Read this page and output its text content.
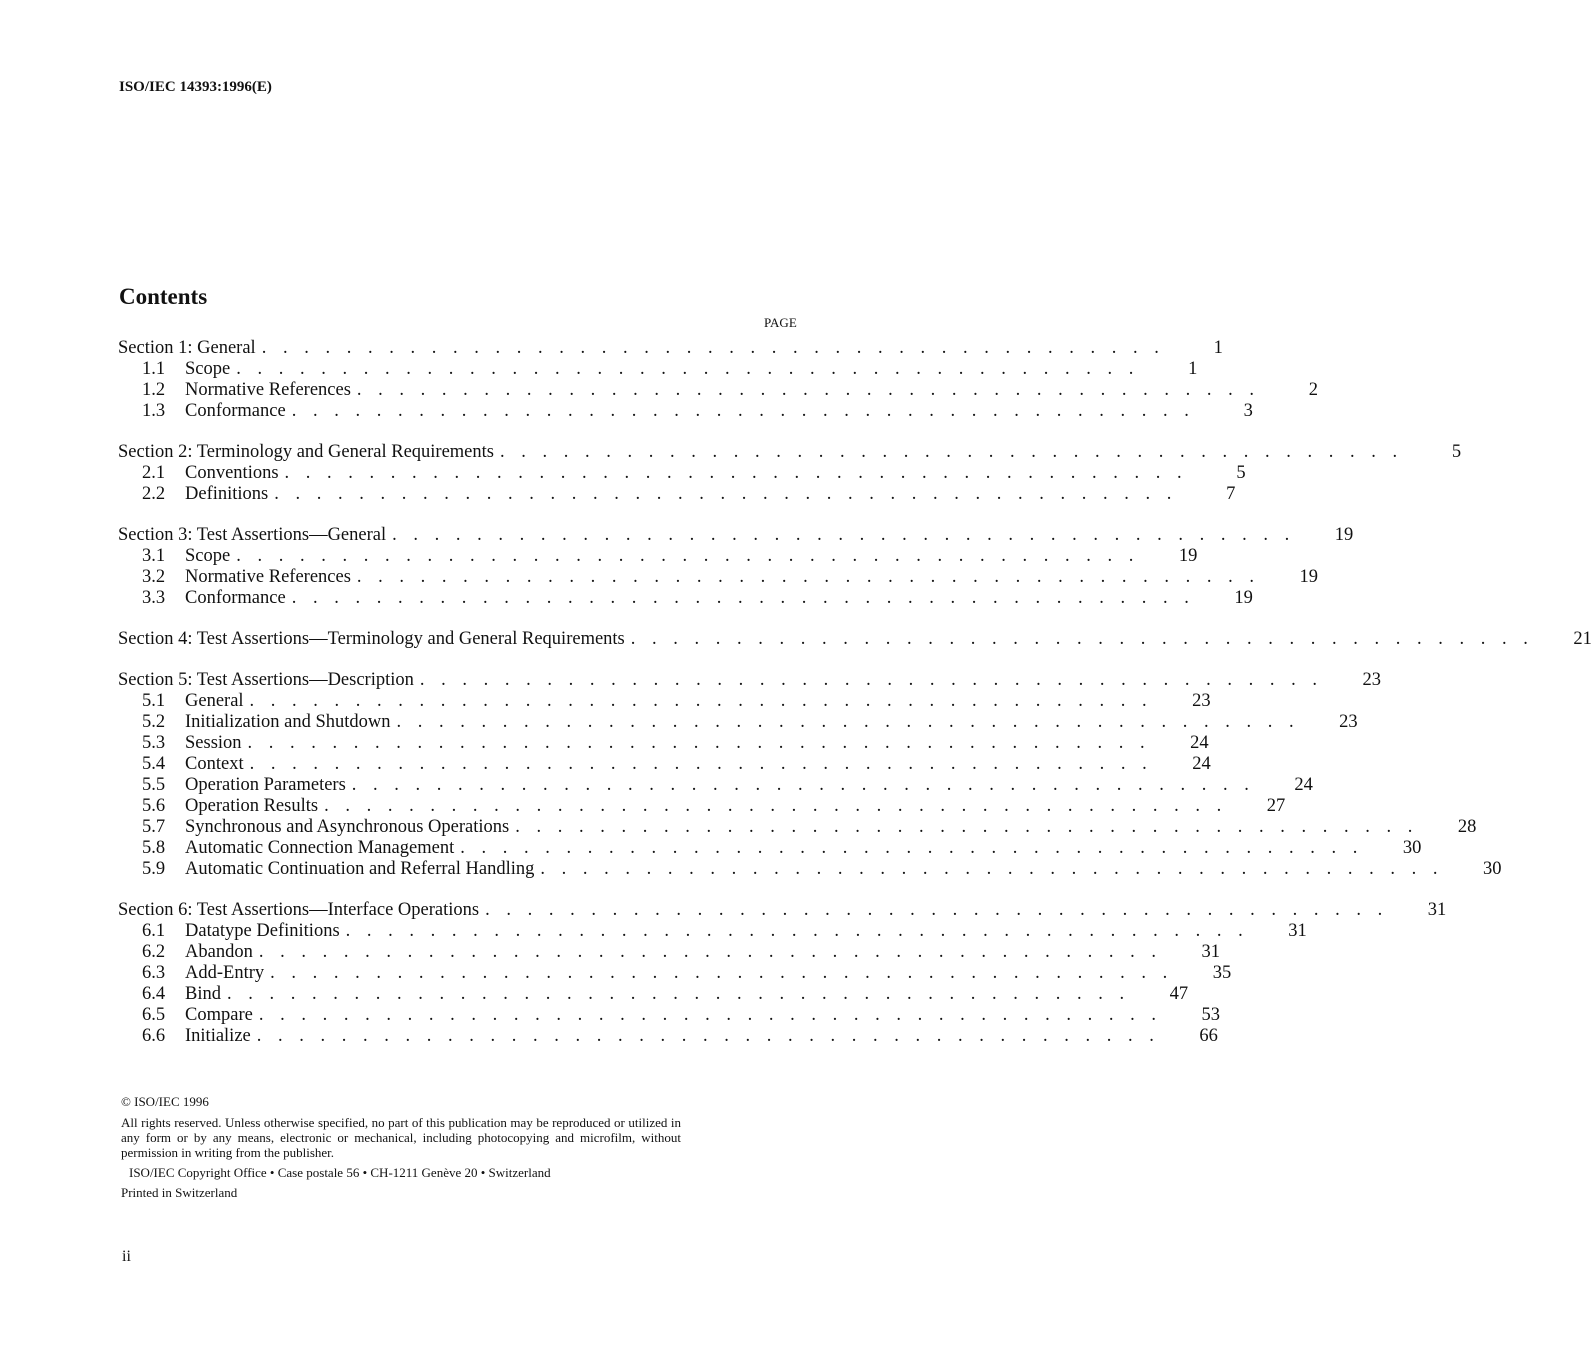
ISO/IEC 14393:1996(E)
Contents
PAGE
Section 1: General . . . . . . . . . . . . . . . . . . . . . . . . . . . . . . . . . . . . . . . . . . .	1
1.1	Scope . . . . . . . . . . . . . . . . . . . . . . . . . . . . . . . . . . . . . . . . . . .	1
1.2	Normative References . . . . . . . . . . . . . . . . . . . . . . . . . . . . . . . . . . . . . . . . . . .	2
1.3	Conformance . . . . . . . . . . . . . . . . . . . . . . . . . . . . . . . . . . . . . . . . . . .	3
Section 2: Terminology and General Requirements . . . . . . . . . . . . . . . . . . . . . . . . . . . . . . . . . . . . . . . . . . .	5
2.1	Conventions . . . . . . . . . . . . . . . . . . . . . . . . . . . . . . . . . . . . . . . . . . .	5
2.2	Definitions . . . . . . . . . . . . . . . . . . . . . . . . . . . . . . . . . . . . . . . . . . .	7
Section 3: Test Assertions—General . . . . . . . . . . . . . . . . . . . . . . . . . . . . . . . . . . . . . . . . . . .	19
3.1	Scope . . . . . . . . . . . . . . . . . . . . . . . . . . . . . . . . . . . . . . . . . . .	19
3.2	Normative References . . . . . . . . . . . . . . . . . . . . . . . . . . . . . . . . . . . . . . . . . . .	19
3.3	Conformance . . . . . . . . . . . . . . . . . . . . . . . . . . . . . . . . . . . . . . . . . . .	19
Section 4: Test Assertions—Terminology and General Requirements . . . . . . . . . . . . . . . . . . . . . . . . . . . . . . . . . . . . . . . . . . .	21
Section 5: Test Assertions—Description . . . . . . . . . . . . . . . . . . . . . . . . . . . . . . . . . . . . . . . . . . .	23
5.1	General . . . . . . . . . . . . . . . . . . . . . . . . . . . . . . . . . . . . . . . . . . .	23
5.2	Initialization and Shutdown . . . . . . . . . . . . . . . . . . . . . . . . . . . . . . . . . . . . . . . . . . .	23
5.3	Session . . . . . . . . . . . . . . . . . . . . . . . . . . . . . . . . . . . . . . . . . . .	24
5.4	Context . . . . . . . . . . . . . . . . . . . . . . . . . . . . . . . . . . . . . . . . . . .	24
5.5	Operation Parameters . . . . . . . . . . . . . . . . . . . . . . . . . . . . . . . . . . . . . . . . . . .	24
5.6	Operation Results . . . . . . . . . . . . . . . . . . . . . . . . . . . . . . . . . . . . . . . . . . .	27
5.7	Synchronous and Asynchronous Operations . . . . . . . . . . . . . . . . . . . . . . . . . . . . . . . . . . . . . . . . . . .	28
5.8	Automatic Connection Management . . . . . . . . . . . . . . . . . . . . . . . . . . . . . . . . . . . . . . . . . . .	30
5.9	Automatic Continuation and Referral Handling . . . . . . . . . . . . . . . . . . . . . . . . . . . . . . . . . . . . . . . . . . .	30
Section 6: Test Assertions—Interface Operations . . . . . . . . . . . . . . . . . . . . . . . . . . . . . . . . . . . . . . . . . . .	31
6.1	Datatype Definitions . . . . . . . . . . . . . . . . . . . . . . . . . . . . . . . . . . . . . . . . . . .	31
6.2	Abandon . . . . . . . . . . . . . . . . . . . . . . . . . . . . . . . . . . . . . . . . . . .	31
6.3	Add-Entry . . . . . . . . . . . . . . . . . . . . . . . . . . . . . . . . . . . . . . . . . . .	35
6.4	Bind . . . . . . . . . . . . . . . . . . . . . . . . . . . . . . . . . . . . . . . . . . .	47
6.5	Compare . . . . . . . . . . . . . . . . . . . . . . . . . . . . . . . . . . . . . . . . . . .	53
6.6	Initialize . . . . . . . . . . . . . . . . . . . . . . . . . . . . . . . . . . . . . . . . . . .	66
© ISO/IEC 1996
All rights reserved. Unless otherwise specified, no part of this publication may be reproduced or utilized in any form or by any means, electronic or mechanical, including photocopying and microfilm, without permission in writing from the publisher.
ISO/IEC Copyright Office • Case postale 56 • CH-1211 Genève 20 • Switzerland
Printed in Switzerland
ii
